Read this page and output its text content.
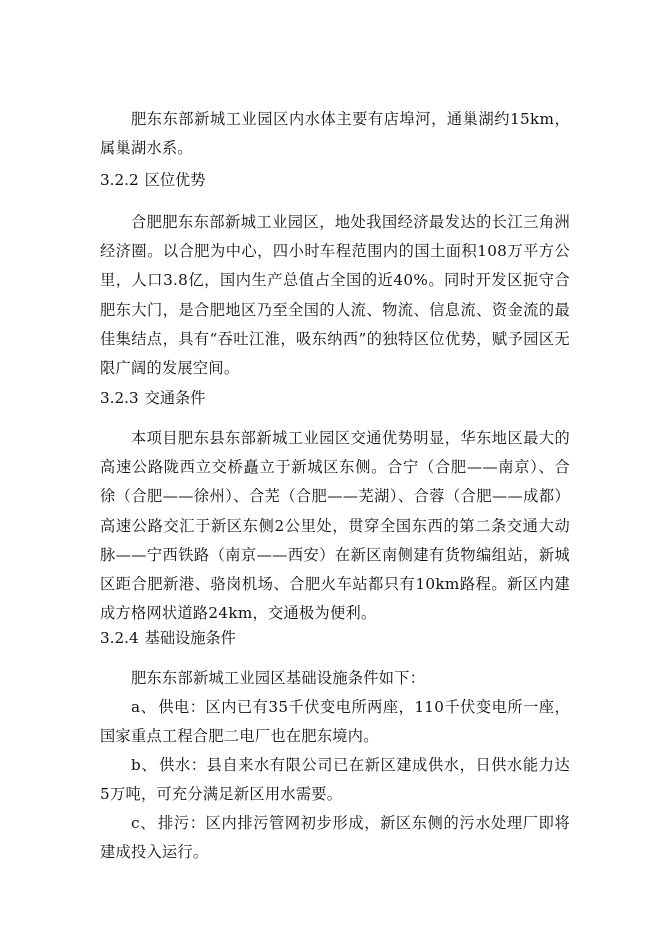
肥东东部新城工业园区内水体主要有店埠河，通巢湖约15km，属巢湖水系。

3.2.2 区位优势

合肥肥东东部新城工业园区，地处我国经济最发达的长江三角洲经济圈。以合肥为中心，四小时车程范围内的国土面积108万平方公里，人口3.8亿，国内生产总值占全国的近40%。同时开发区扼守合肥东大门，是合肥地区乃至全国的人流、物流、信息流、资金流的最佳集结点，具有“吞吐江淮，吸东纳西”的独特区位优势，赋予园区无限广阔的发展空间。

3.2.3 交通条件

本项目肥东县东部新城工业园区交通优势明显，华东地区最大的高速公路陇西立交桥矗立于新城区东侧。合宁（合肥——南京）、合徐（合肥——徐州）、合芜（合肥——芜湖）、合蓉（合肥——成都）高速公路交汇于新区东侧2公里处，贯穿全国东西的第二条交通大动脉——宁西铁路（南京——西安）在新区南侧建有货物编组站，新城区距合肥新港、骆岗机场、合肥火车站都只有10km路程。新区内建成方格网状道路24km，交通极为便利。

3.2.4 基础设施条件

肥东东部新城工业园区基础设施条件如下：

a、 供电：区内已有35千伏变电所两座，110千伏变电所一座，国家重点工程合肥二电厂也在肥东境内。

b、 供水：县自来水有限公司已在新区建成供水，日供水能力达5万吨，可充分满足新区用水需要。

c、 排污：区内排污管网初步形成，新区东侧的污水处理厂即将建成投入运行。
